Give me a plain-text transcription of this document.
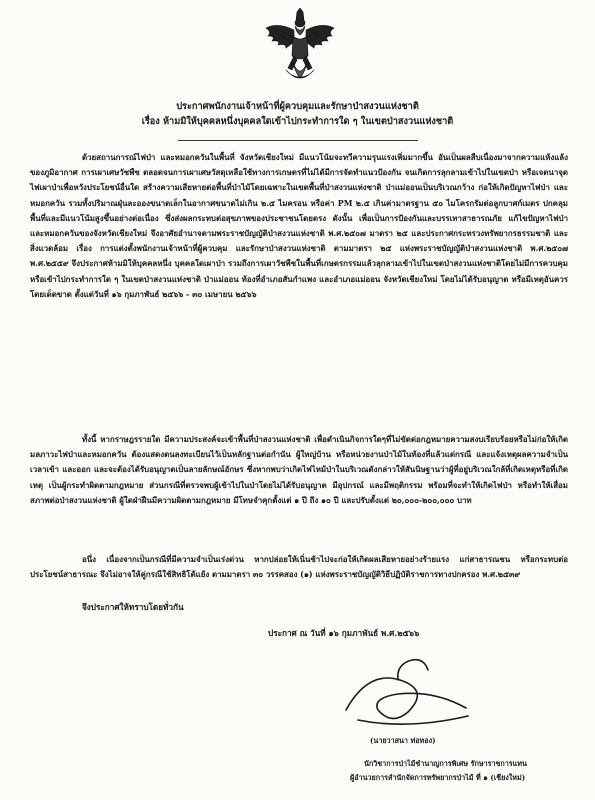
ประกาศพนักงานเจ้าหน้าที่ผู้ควบคุมและรักษาป่าสงวนแห่งชาติ
เรื่อง ห้ามมิให้บุคคลหนึ่งบุคคลใดเข้าไปกระทำการใด ๆ ในเขตป่าสงวนแห่งชาติ
ด้วยสถานการณ์ไฟป่า และหมอกควันในพื้นที่ จังหวัดเชียงใหม่ มีแนวโน้มจะทวีความรุนแรงเพิ่มมากขึ้น อันเป็นผลสืบเนื่องมาจากความแห้งแล้งของภูมิอากาศ การเผาเศษวัชพืช ตลอดจนการเผาเศษวัสดุเหลือใช้ทางการเกษตรที่ไม่ได้มีการจัดทำแนวป้องกัน จนเกิดการลุกลามเข้าไปในเขตป่า หรือเจตนาจุดไฟเผาป่าเพื่อหวังประโยชน์อื่นใด สร้างความเสียหายต่อพื้นที่ป่าไม้โดยเฉพาะในเขตพื้นที่ป่าสงวนแห่งชาติ ป่าแม่ออนเป็นบริเวณกว้าง ก่อให้เกิดปัญหาไฟป่า และหมอกควัน รวมทั้งปริมาณฝุ่นละอองขนาดเล็กในอากาศขนาดไม่เกิน ๒.๕ ไมครอน หรือค่า PM ๒.๕ เกินค่ามาตรฐาน ๕๐ ไมโครกรัมต่อลูกบาศก์เมตร ปกคลุมพื้นที่และมีแนวโน้มสูงขึ้นอย่างต่อเนื่อง ซึ่งส่งผลกระทบต่อสุขภาพของประชาชนโดยตรง ดังนั้น เพื่อเป็นการป้องกันและบรรเทาสาธารณภัย แก้ไขปัญหาไฟป่า และหมอกควันของจังหวัดเชียงใหม่ จึงอาศัยอำนาจตามพระราชบัญญัติป่าสงวนแห่งชาติ พ.ศ.๒๕๐๗ มาตรา ๒๕ และประกาศกระทรวงทรัพยากรธรรมชาติ และสิ่งแวดล้อม เรื่อง การแต่งตั้งพนักงานเจ้าหน้าที่ผู้ควบคุม และรักษาป่าสงวนแห่งชาติ ตามมาตรา ๒๕ แห่งพระราชบัญญัติป่าสงวนแห่งชาติ พ.ศ.๒๕๐๗ พ.ศ.๒๕๕๙ จึงประกาศห้ามมิให้บุคคลหนึ่ง บุคคลใดเผาป่า รวมถึงการเผาวัชพืชในพื้นที่เกษตรกรรมแล้วลุกลามเข้าไปในเขตป่าสงวนแห่งชาติโดยไม่มีการควบคุมหรือเข้าไปกระทำการใด ๆ ในเขตป่าสงวนแห่งชาติ ป่าแม่ออน ท้องที่อำเภอสันกำแพง และอำเภอแม่ออน จังหวัดเชียงใหม่ โดยไม่ได้รับอนุญาต หรือมีเหตุอันควร โดยเด็ดขาด ตั้งแต่วันที่ ๑๖ กุมภาพันธ์ ๒๕๖๖ - ๓๐ เมษายน ๒๕๖๖
ทั้งนี้ หากราษฎรรายใด มีความประสงค์จะเข้าพื้นที่ป่าสงวนแห่งชาติ เพื่อดำเนินกิจการใดๆที่ไม่ขัดต่อกฎหมายความสงบเรียบร้อยหรือไม่ก่อให้เกิดมลภาวะไฟป่าและหมอกควัน ต้องแสดงตนลงทะเบียนไว้เป็นหลักฐานต่อกำนัน ผู้ใหญ่บ้าน หรือหน่วยงานป่าไม้ในท้องที่แล้วแต่กรณี และแจ้งเหตุผลความจำเป็นเวลาเข้า และออก และจะต้องได้รับอนุญาตเป็นลายลักษณ์อักษร ซึ่งหากพบว่าเกิดไฟไหม้ป่าในบริเวณดังกล่าวให้สันนิษฐานว่าผู้ที่อยู่บริเวณใกล้ที่เกิดเหตุหรือที่เกิดเหตุ เป็นผู้กระทำผิดตามกฎหมาย ส่วนกรณีที่ตรวจพบผู้เข้าไปในป่าโดยไม่ได้รับอนุญาต มีอุปกรณ์ และมีพฤติกรรม พร้อมที่จะทำให้เกิดไฟป่า หรือทำให้เสื่อมสภาพต่อป่าสงวนแห่งชาติ ผู้ใดฝ่าฝืนมีความผิดตามกฎหมาย มีโทษจำคุกตั้งแต่ ๑ ปี ถึง ๑๐ ปี และปรับตั้งแต่ ๒๐,๐๐๐-๒๐๐,๐๐๐ บาท
อนึ่ง เนื่องจากเป็นกรณีที่มีความจำเป็นเร่งด่วน หากปล่อยให้เนิ่นช้าไปจะก่อให้เกิดผลเสียหายอย่างร้ายแรง แก่สาธารณชน หรือกระทบต่อประโยชน์สาธารณะ จึงไม่อาจให้คู่กรณีใช้สิทธิโต้แย้ง ตามมาตรา ๓๐ วรรคสอง (๑) แห่งพระราชบัญญัติวิธีปฏิบัติราชการทางปกครอง พ.ศ.๒๕๓๙
จึงประกาศให้ทราบโดยทั่วกัน
ประกาศ ณ วันที่ ๑๖ กุมภาพันธ์ พ.ศ.๒๕๖๖
(นายวาสนา ท่อทอง)
นักวิชาการป่าไม้ชำนาญการพิเศษ รักษาราชการแทน
ผู้อำนวยการสำนักจัดการทรัพยากรป่าไม้ ที่ ๑ (เชียงใหม่)
